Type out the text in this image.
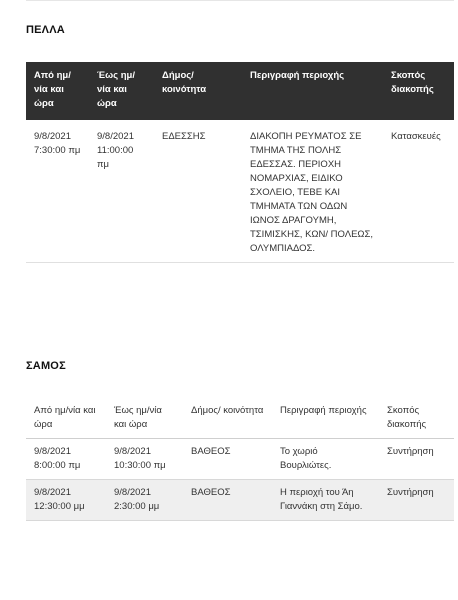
ΠΕΛΛΑ
Από ημ/νία και ώρα	Έως ημ/νία και ώρα	Δήμος/ κοινότητα	Περιγραφή περιοχής	Σκοπός διακοπής
9/8/2021 7:30:00 πμ	9/8/2021 11:00:00 πμ	ΕΔΕΣΣΗΣ	ΔΙΑΚΟΠΗ ΡΕΥΜΑΤΟΣ ΣΕ ΤΜΗΜΑ ΤΗΣ ΠΟΛΗΣ ΕΔΕΣΣΑΣ. ΠΕΡΙΟΧΗ ΝΟΜΑΡΧΙΑΣ, ΕΙΔΙΚΟ ΣΧΟΛΕΙΟ, ΤΕΒΕ ΚΑΙ ΤΜΗΜΑΤΑ ΤΩΝ ΟΔΩΝ ΙΩΝΟΣ ΔΡΑΓΟΥΜΗ, ΤΣΙΜΙΣΚΗΣ, ΚΩΝ/ ΠΟΛΕΩΣ, ΟΛΥΜΠΙΑΔΟΣ.	Κατασκευές
ΣΑΜΟΣ
Από ημ/νία και ώρα	Έως ημ/νία και ώρα	Δήμος/ κοινότητα	Περιγραφή περιοχής	Σκοπός διακοπής
9/8/2021 8:00:00 πμ	9/8/2021 10:30:00 πμ	ΒΑΘΕΟΣ	Το χωριό Βουρλιώτες.	Συντήρηση
9/8/2021 12:30:00 μμ	9/8/2021 2:30:00 μμ	ΒΑΘΕΟΣ	Η περιοχή του Άη Γιαννάκη στη Σάμο.	Συντήρηση
